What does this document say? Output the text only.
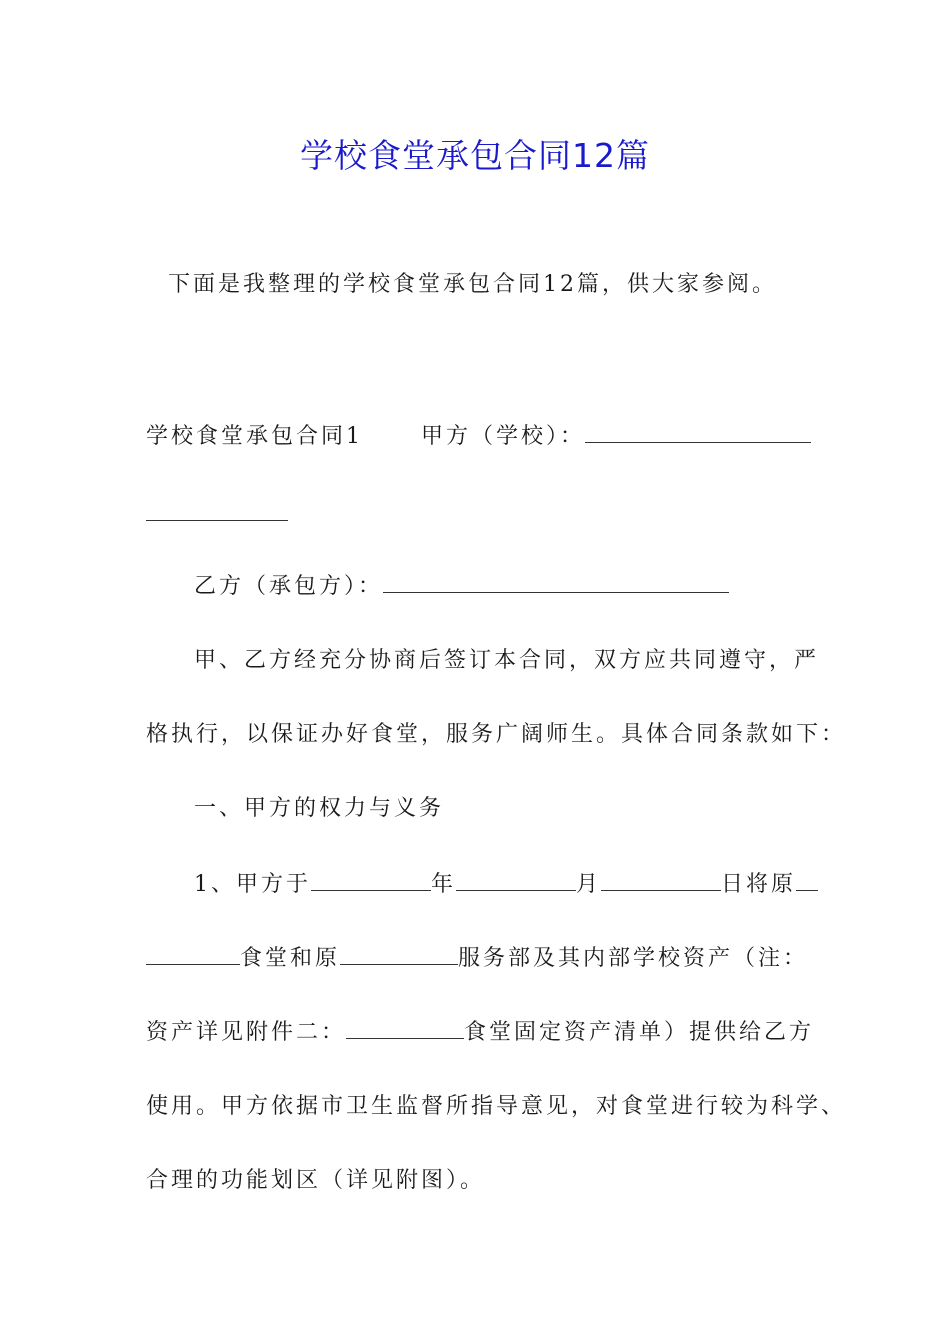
学校食堂承包合同12篇
下面是我整理的学校食堂承包合同12篇，供大家参阅。
学校食堂承包合同1	甲方（学校）：
乙方（承包方）：
甲、乙方经充分协商后签订本合同，双方应共同遵守，严
格执行，以保证办好食堂，服务广阔师生。具体合同条款如下：
一、甲方的权力与义务
1、甲方于	年	月	日将原
食堂和原	服务部及其内部学校资产（注：
资产详见附件二：	食堂固定资产清单）提供给乙方
使用。甲方依据市卫生监督所指导意见，对食堂进行较为科学、
合理的功能划区（详见附图）。
